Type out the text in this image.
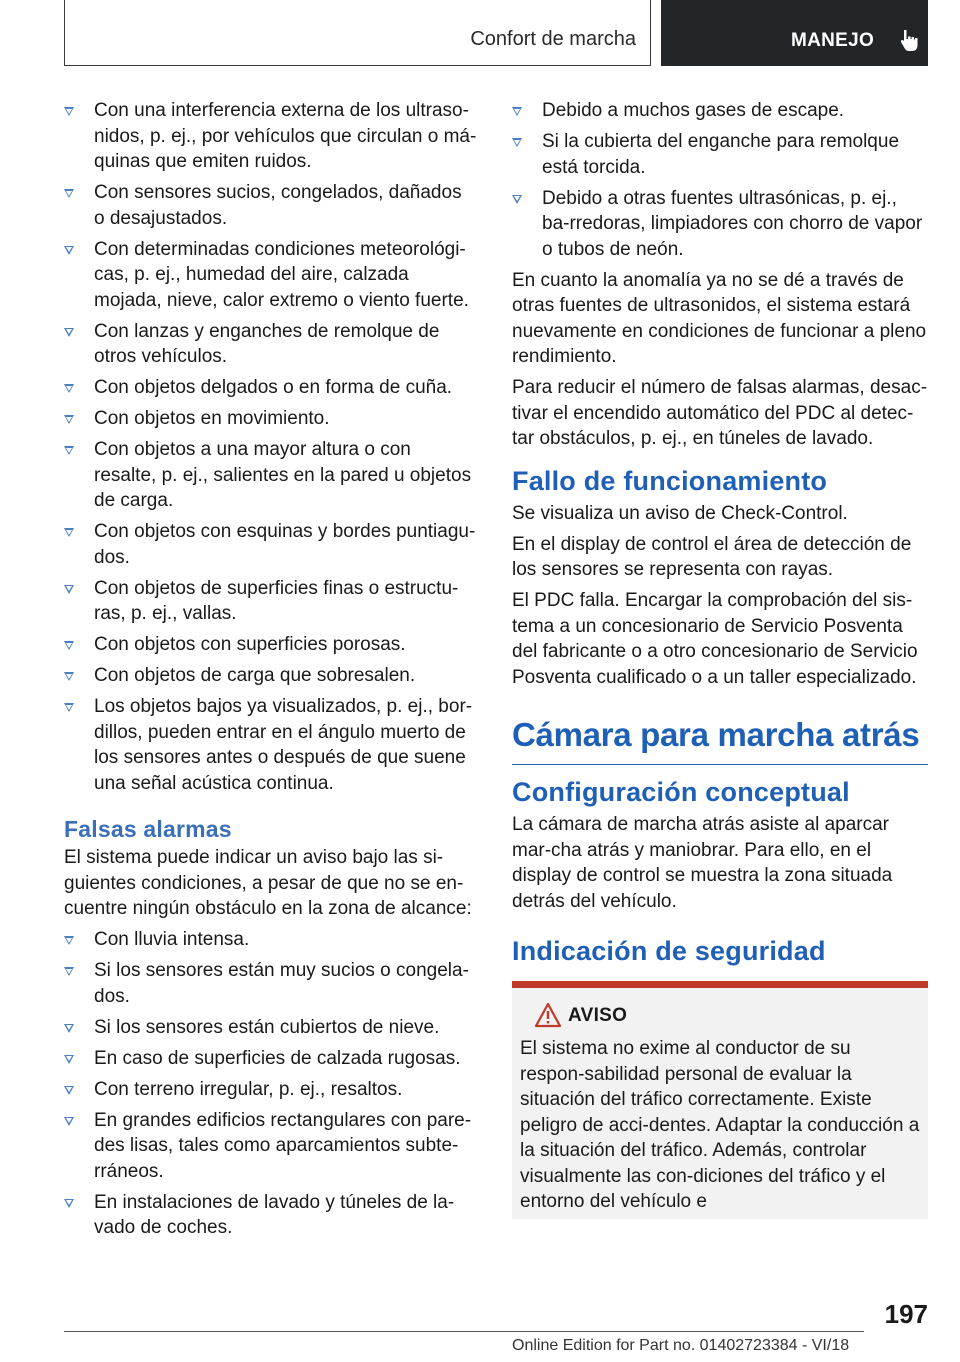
Confort de marcha	MANEJO
Con una interferencia externa de los ultraso-nidos, p. ej., por vehículos que circulan o má-quinas que emiten ruidos.
Con sensores sucios, congelados, dañados o desajustados.
Con determinadas condiciones meteorológi-cas, p. ej., humedad del aire, calzada mojada, nieve, calor extremo o viento fuerte.
Con lanzas y enganches de remolque de otros vehículos.
Con objetos delgados o en forma de cuña.
Con objetos en movimiento.
Con objetos a una mayor altura o con resalte, p. ej., salientes en la pared u objetos de carga.
Con objetos con esquinas y bordes puntiagu-dos.
Con objetos de superficies finas o estructu-ras, p. ej., vallas.
Con objetos con superficies porosas.
Con objetos de carga que sobresalen.
Los objetos bajos ya visualizados, p. ej., bor-dillos, pueden entrar en el ángulo muerto de los sensores antes o después de que suene una señal acústica continua.
Falsas alarmas

El sistema puede indicar un aviso bajo las si-guientes condiciones, a pesar de que no se en-cuentre ningún obstáculo en la zona de alcance:

Con lluvia intensa.
Si los sensores están muy sucios o congela-dos.
Si los sensores están cubiertos de nieve.
En caso de superficies de calzada rugosas.
Con terreno irregular, p. ej., resaltos.
En grandes edificios rectangulares con pare-des lisas, tales como aparcamientos subte-rráneos.
En instalaciones de lavado y túneles de la-vado de coches.
Debido a muchos gases de escape.
Si la cubierta del enganche para remolque está torcida.
Debido a otras fuentes ultrasónicas, p. ej., ba-rredoras, limpiadores con chorro de vapor o tubos de neón.

En cuanto la anomalía ya no se dé a través de otras fuentes de ultrasonidos, el sistema estará nuevamente en condiciones de funcionar a pleno rendimiento.

Para reducir el número de falsas alarmas, desac-tivar el encendido automático del PDC al detec-tar obstáculos, p. ej., en túneles de lavado.

Fallo de funcionamiento

Se visualiza un aviso de Check-Control.

En el display de control el área de detección de los sensores se representa con rayas.

El PDC falla. Encargar la comprobación del sis-tema a un concesionario de Servicio Posventa del fabricante o a otro concesionario de Servicio Posventa cualificado o a un taller especializado.

Cámara para marcha atrás
Configuración conceptual

La cámara de marcha atrás asiste al aparcar mar-cha atrás y maniobrar. Para ello, en el display de control se muestra la zona situada detrás del vehículo.

Indicación de seguridad
AVISO

El sistema no exime al conductor de su respon-sabilidad personal de evaluar la situación del tráfico correctamente. Existe peligro de acci-dentes. Adaptar la conducción a la situación del tráfico. Además, controlar visualmente las con-diciones del tráfico y el entorno del vehículo e

197
Online Edition for Part no. 01402723384 - VI/18
